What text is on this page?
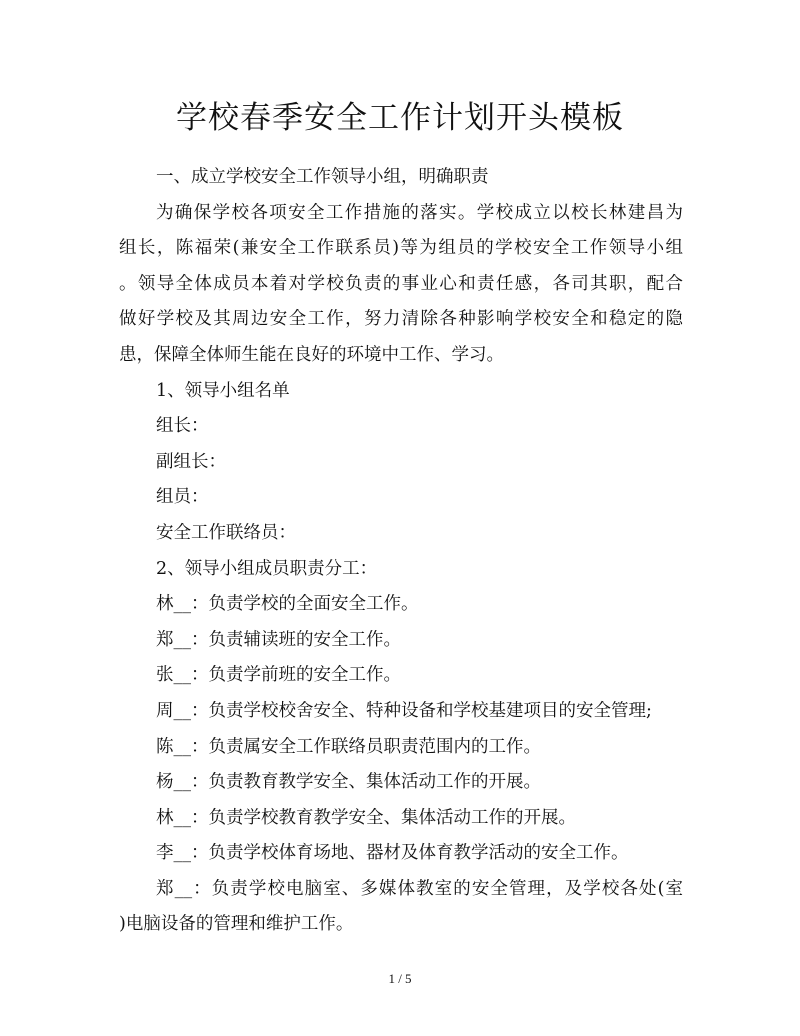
学校春季安全工作计划开头模板
一、成立学校安全工作领导小组，明确职责
为确保学校各项安全工作措施的落实。学校成立以校长林建昌为
组长，陈福荣(兼安全工作联系员)等为组员的学校安全工作领导小组
。领导全体成员本着对学校负责的事业心和责任感，各司其职，配合
做好学校及其周边安全工作，努力清除各种影响学校安全和稳定的隐
患，保障全体师生能在良好的环境中工作、学习。
1、领导小组名单
组长：
副组长：
组员：
安全工作联络员：
2、领导小组成员职责分工：
林__：负责学校的全面安全工作。
郑__：负责辅读班的安全工作。
张__：负责学前班的安全工作。
周__：负责学校校舍安全、特种设备和学校基建项目的安全管理;
陈__：负责属安全工作联络员职责范围内的工作。
杨__：负责教育教学安全、集体活动工作的开展。
林__：负责学校教育教学安全、集体活动工作的开展。
李__：负责学校体育场地、器材及体育教学活动的安全工作。
郑__：负责学校电脑室、多媒体教室的安全管理，及学校各处(室
)电脑设备的管理和维护工作。
1 / 5
